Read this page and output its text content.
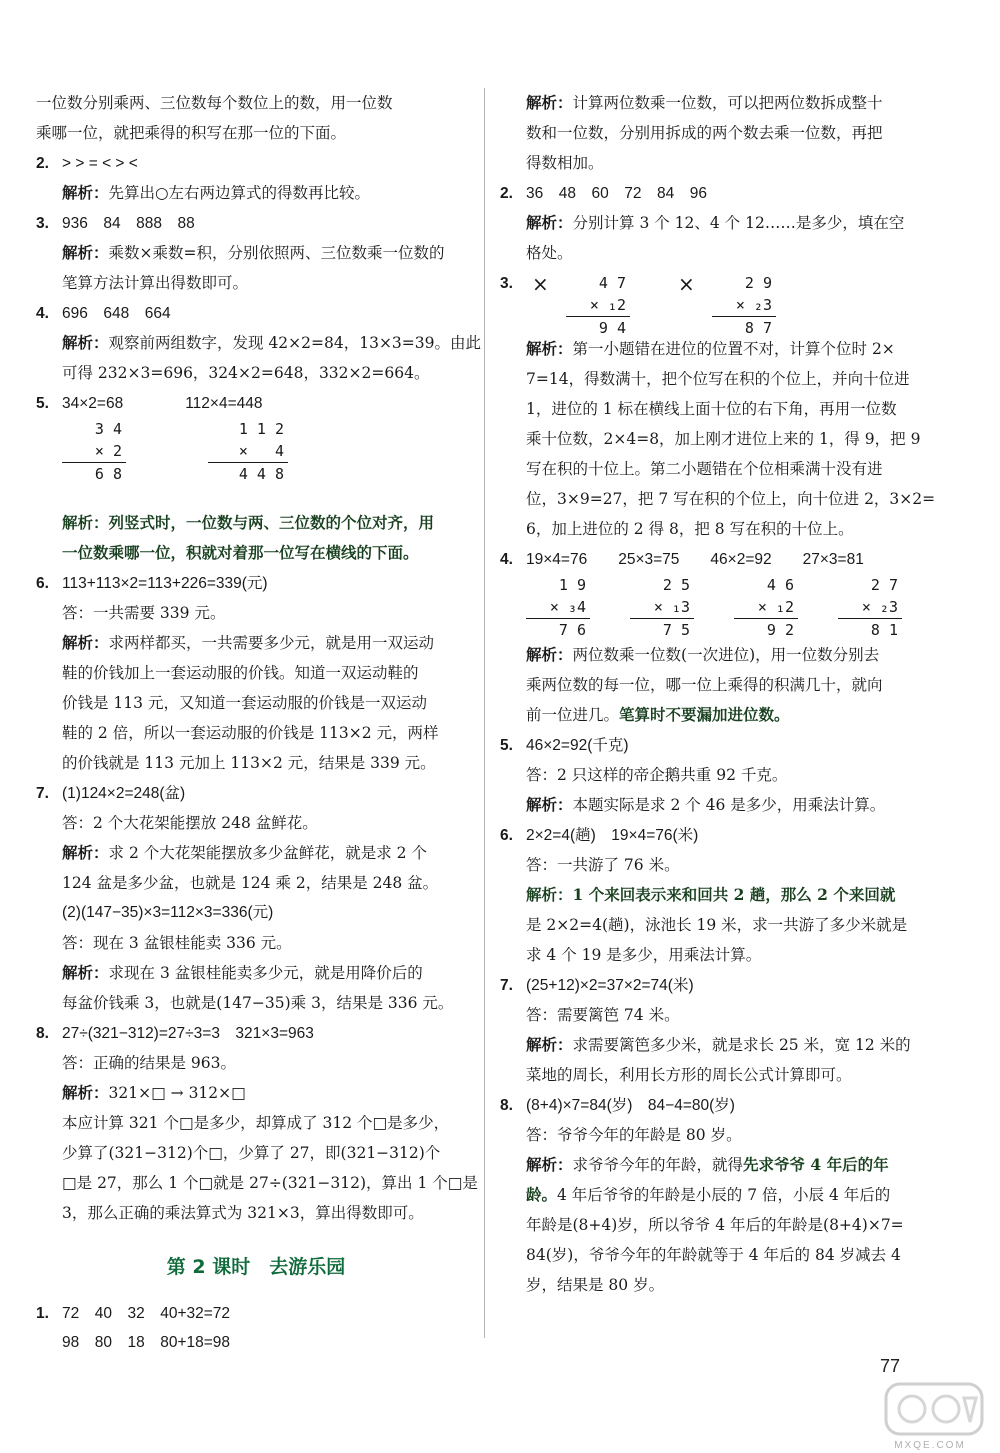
一位数分别乘两、三位数每个数位上的数，用一位数
乘哪一位，就把乘得的积写在那一位的下面。
2. > > = < > <
解析：先算出○左右两边算式的得数再比较。
3. 936　84　888　88
解析：乘数×乘数=积，分别依照两、三位数乘一位数的
笔算方法计算出得数即可。
4. 696　648　664
解析：观察前两组数字，发现 42×2=84，13×3=39。由此
可得 232×3=696，324×2=648，332×2=664。
5. 34×2=68　　　　112×4=448
3 4
× 2
6 8
1 1 2
×   4
4 4 8
解析：列竖式时，一位数与两、三位数的个位对齐，用
一位数乘哪一位，积就对着那一位写在横线的下面。
6. 113+113×2=113+226=339(元)
答：一共需要 339 元。
解析：求两样都买，一共需要多少元，就是用一双运动
鞋的价钱加上一套运动服的价钱。知道一双运动鞋的
价钱是 113 元，又知道一套运动服的价钱是一双运动
鞋的 2 倍，所以一套运动服的价钱是 113×2 元，两样
的价钱就是 113 元加上 113×2 元，结果是 339 元。
7. (1)124×2=248(盆)
答：2 个大花架能摆放 248 盆鲜花。
解析：求 2 个大花架能摆放多少盆鲜花，就是求 2 个
124 盆是多少盆，也就是 124 乘 2，结果是 248 盆。
(2)(147−35)×3=112×3=336(元)
答：现在 3 盆银桂能卖 336 元。
解析：求现在 3 盆银桂能卖多少元，就是用降价后的
每盆价钱乘 3，也就是(147−35)乘 3，结果是 336 元。
8. 27÷(321−312)=27÷3=3　321×3=963
答：正确的结果是 963。
解析：321×□ → 312×□
本应计算 321 个□是多少，却算成了 312 个□是多少，
少算了(321−312)个□，少算了 27，即(321−312)个
□是 27，那么 1 个□就是 27÷(321−312)，算出 1 个□是
3，那么正确的乘法算式为 321×3，算出得数即可。
第 2 课时　去游乐园
1. 72　40　32　40+32=72
98　80　18　80+18=98
解析：计算两位数乘一位数，可以把两位数拆成整十
数和一位数，分别用拆成的两个数去乘一位数，再把
得数相加。
2. 36　48　60　72　84　96
解析：分别计算 3 个 12、4 个 12……是多少，填在空
格处。
3. ×	4 7
× ₁2
9 4
×	2 9
× ₂3
8 7
解析：第一小题错在进位的位置不对，计算个位时 2×
7=14，得数满十，把个位写在积的个位上，并向十位进
1，进位的 1 标在横线上面十位的右下角，再用一位数
乘十位数，2×4=8，加上刚才进位上来的 1，得 9，把 9
写在积的十位上。第二小题错在个位相乘满十没有进
位，3×9=27，把 7 写在积的个位上，向十位进 2，3×2=
6，加上进位的 2 得 8，把 8 写在积的十位上。
4. 19×4=76　　25×3=75　　46×2=92　　27×3=81
1 9
× ₃4
7 6
2 5
× ₁3
7 5
4 6
× ₁2
9 2
2 7
× ₂3
8 1
解析：两位数乘一位数(一次进位)，用一位数分别去
乘两位数的每一位，哪一位上乘得的积满几十，就向
前一位进几。笔算时不要漏加进位数。
5. 46×2=92(千克)
答：2 只这样的帝企鹅共重 92 千克。
解析：本题实际是求 2 个 46 是多少，用乘法计算。
6. 2×2=4(趟)　19×4=76(米)
答：一共游了 76 米。
解析：1 个来回表示来和回共 2 趟，那么 2 个来回就
是 2×2=4(趟)，泳池长 19 米，求一共游了多少米就是
求 4 个 19 是多少，用乘法计算。
7. (25+12)×2=37×2=74(米)
答：需要篱笆 74 米。
解析：求需要篱笆多少米，就是求长 25 米，宽 12 米的
菜地的周长，利用长方形的周长公式计算即可。
8. (8+4)×7=84(岁)　84−4=80(岁)
答：爷爷今年的年龄是 80 岁。
解析：求爷爷今年的年龄，就得先求爷爷 4 年后的年
龄。4 年后爷爷的年龄是小辰的 7 倍，小辰 4 年后的
年龄是(8+4)岁，所以爷爷 4 年后的年龄是(8+4)×7=
84(岁)，爷爷今年的年龄就等于 4 年后的 84 岁减去 4
岁，结果是 80 岁。
77
MXQE.COM
